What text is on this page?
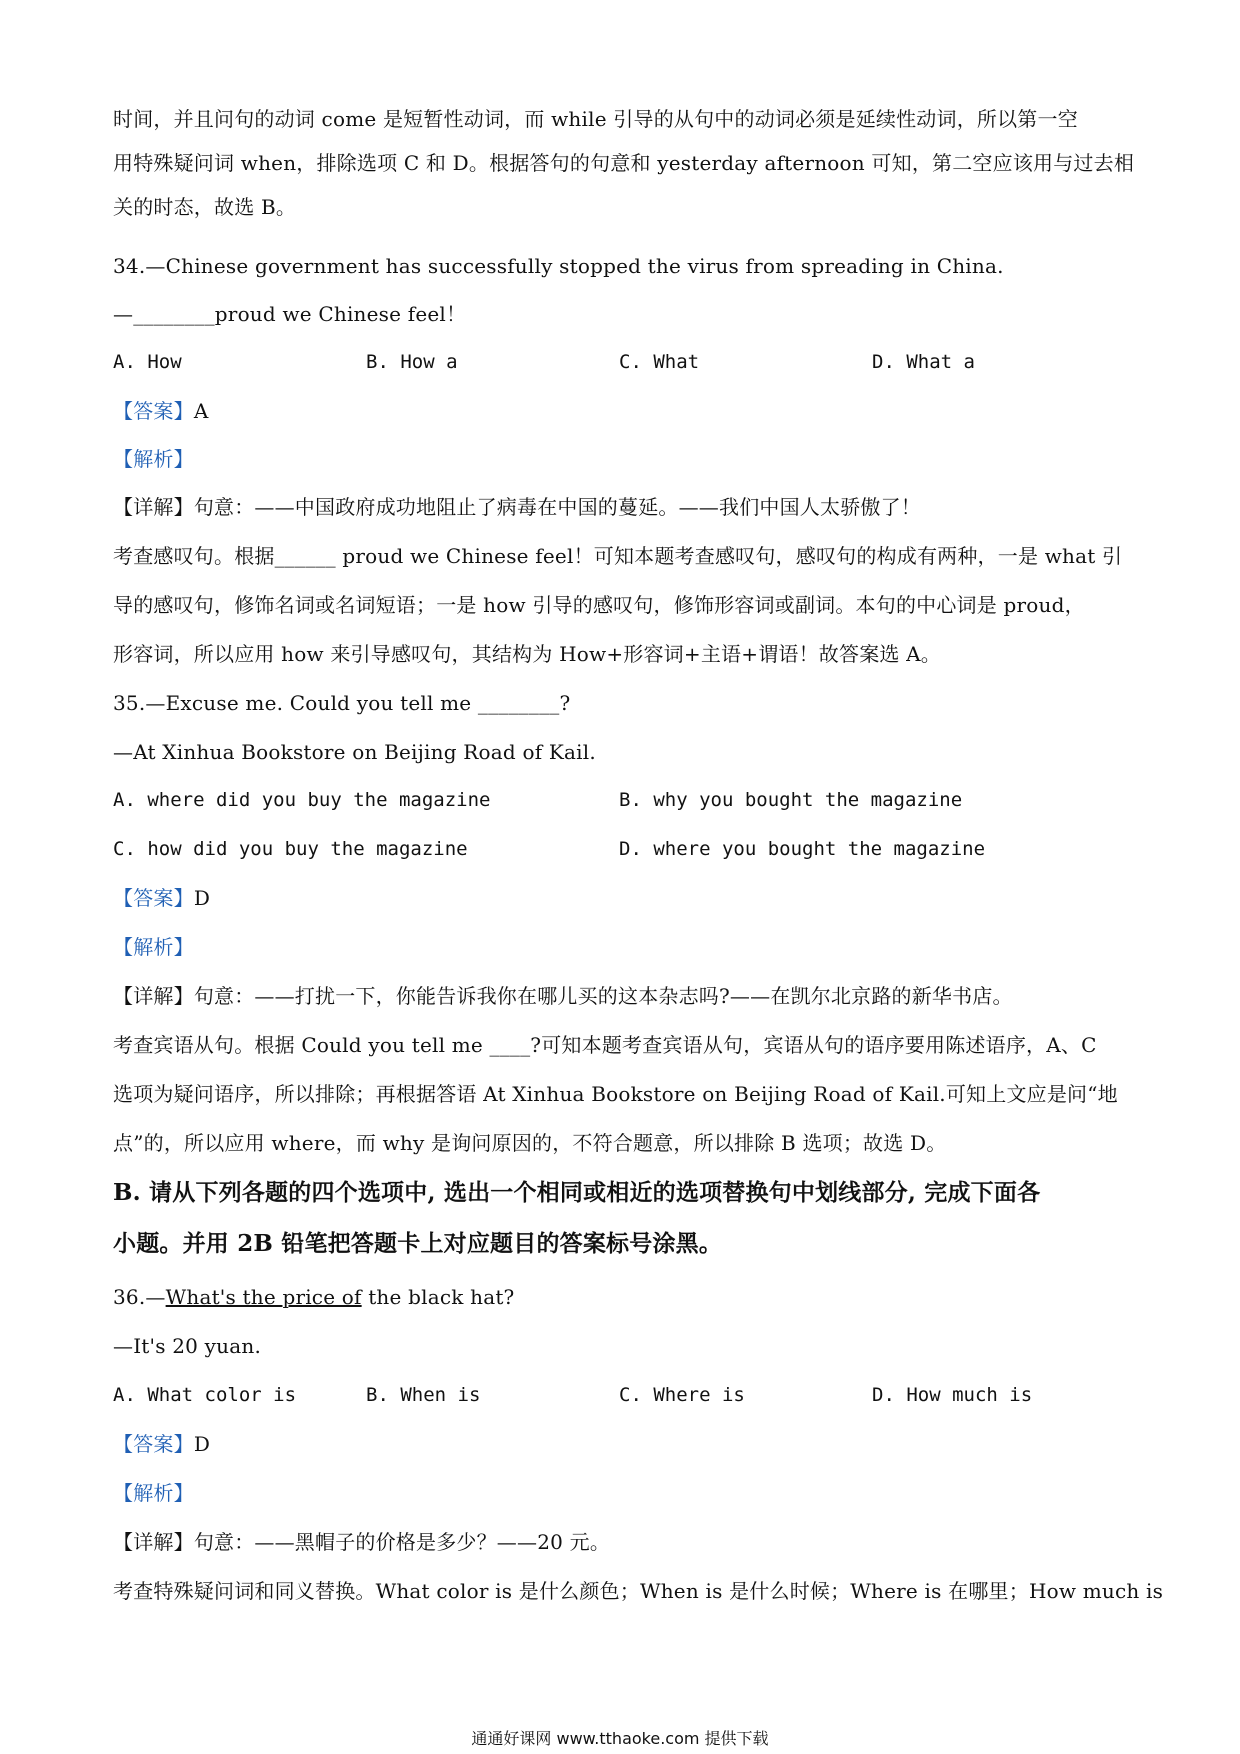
时间，并且问句的动词 come 是短暂性动词，而 while 引导的从句中的动词必须是延续性动词，所以第一空
用特殊疑问词 when，排除选项 C 和 D。根据答句的句意和 yesterday afternoon 可知，第二空应该用与过去相
关的时态，故选 B。
34.—Chinese government has successfully stopped the virus from spreading in China.
—________proud we Chinese feel！
A. How	B. How a	C. What	D. What a
【答案】A
【解析】
【详解】句意：——中国政府成功地阻止了病毒在中国的蔓延。——我们中国人太骄傲了！
考查感叹句。根据______ proud we Chinese feel！可知本题考查感叹句，感叹句的构成有两种，一是 what 引
导的感叹句，修饰名词或名词短语；一是 how 引导的感叹句，修饰形容词或副词。本句的中心词是 proud，
形容词，所以应用 how 来引导感叹句，其结构为 How+形容词+主语+谓语！故答案选 A。
35.—Excuse me. Could you tell me ________?
—At Xinhua Bookstore on Beijing Road of Kail.
A. where did you buy the magazine	B. why you bought the magazine
C. how did you buy the magazine	D. where you bought the magazine
【答案】D
【解析】
【详解】句意：——打扰一下，你能告诉我你在哪儿买的这本杂志吗?——在凯尔北京路的新华书店。
考查宾语从句。根据 Could you tell me ____?可知本题考查宾语从句，宾语从句的语序要用陈述语序，A、C
选项为疑问语序，所以排除；再根据答语 At Xinhua Bookstore on Beijing Road of Kail.可知上文应是问“地
点”的，所以应用 where，而 why 是询问原因的，不符合题意，所以排除 B 选项；故选 D。
B. 请从下列各题的四个选项中, 选出一个相同或相近的选项替换句中划线部分, 完成下面各
小题。并用 2B 铅笔把答题卡上对应题目的答案标号涂黑。
36.—What's the price of the black hat?
—It's 20 yuan.
A. What color is	B. When is	C. Where is	D. How much is
【答案】D
【解析】
【详解】句意：——黑帽子的价格是多少？——20 元。
考查特殊疑问词和同义替换。What color is 是什么颜色；When is 是什么时候；Where is 在哪里；How much is
通通好课网 www.tthaoke.com 提供下载
